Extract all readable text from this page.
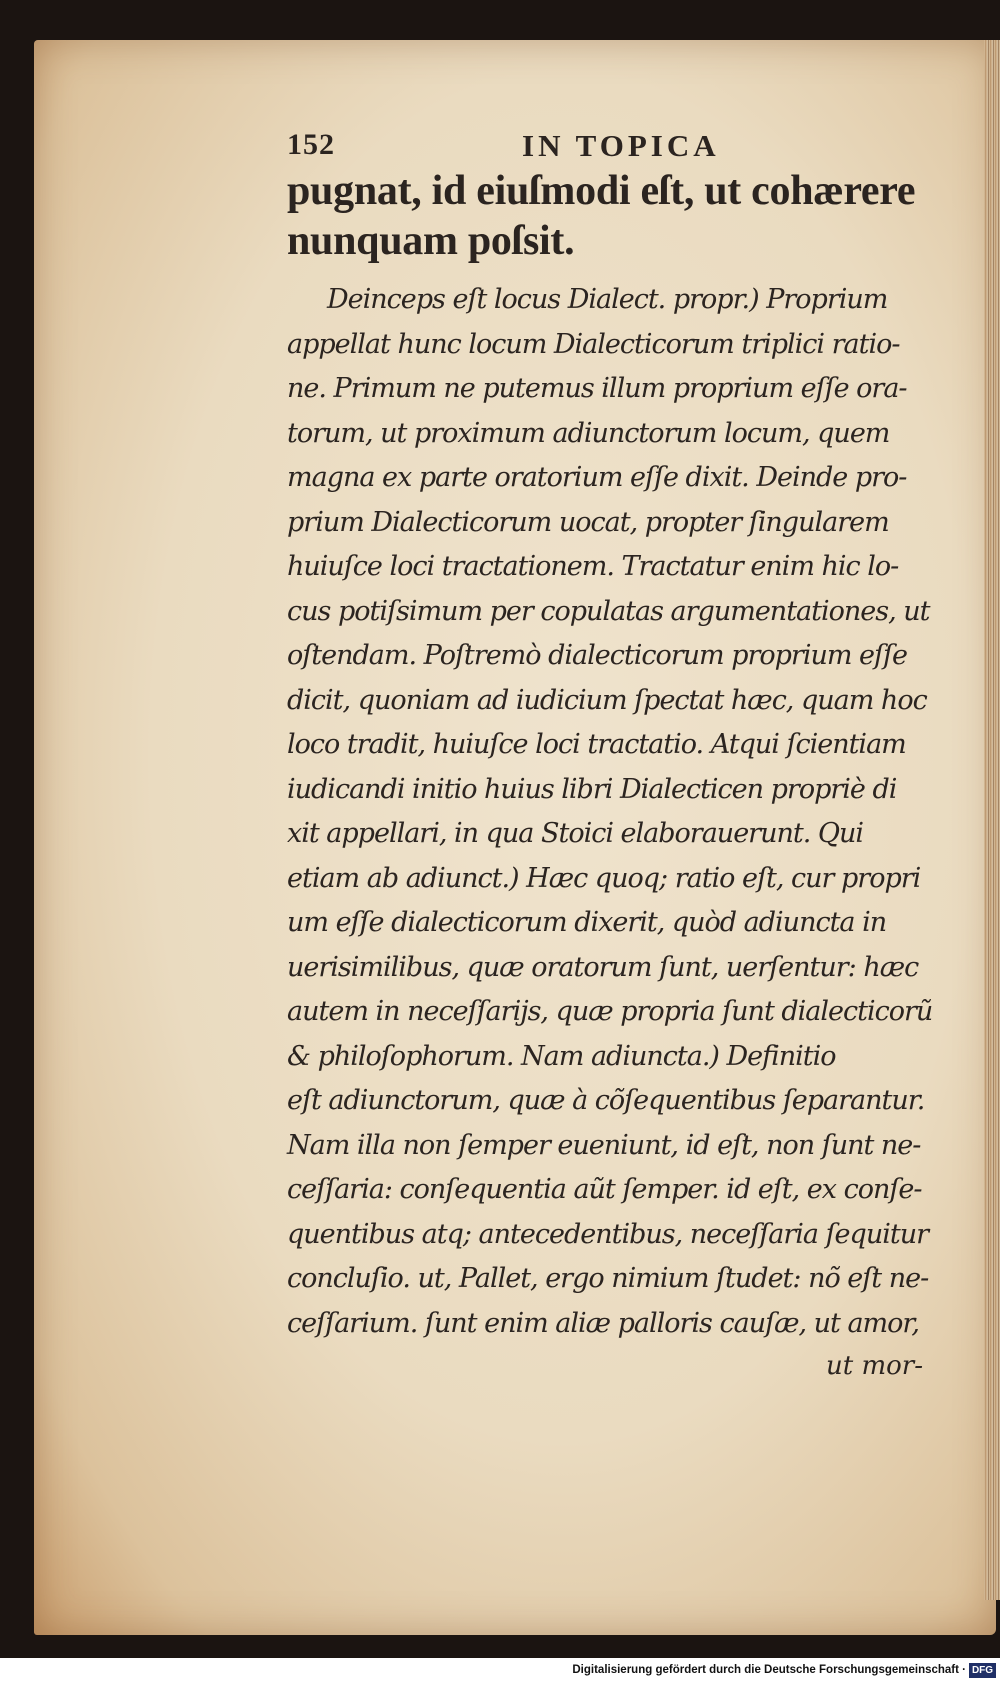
152	IN TOPICA
pugnat, id eiuſmodi eſt, ut cohærere
nunquam poſsit.
Deinceps eſt locus Dialect. propr.) Proprium
appellat hunc locum Dialecticorum triplici ratio-
ne. Primum ne putemus illum proprium eſſe ora-
torum, ut proximum adiunctorum locum, quem
magna ex parte oratorium eſſe dixit. Deinde pro-
prium Dialecticorum uocat, propter ſingularem
huiuſce loci tractationem. Tractatur enim hic lo-
cus potiſsimum per copulatas argumentationes, ut
oſtendam. Poſtremò dialecticorum proprium eſſe
dicit, quoniam ad iudicium ſpectat hæc, quam hoc
loco tradit, huiuſce loci tractatio. Atqui ſcientiam
iudicandi initio huius libri Dialecticen propriè di
xit appellari, in qua Stoici elaborauerunt. Qui
etiam ab adiunct.) Hæc quoq; ratio eſt, cur propri
um eſſe dialecticorum dixerit, quòd adiuncta in
uerisimilibus, quæ oratorum ſunt, uerſentur: hæc
autem in neceſſarijs, quæ propria ſunt dialecticorũ
& philoſophorum. Nam adiuncta.) Definitio
eſt adiunctorum, quæ à cõſequentibus ſeparantur.
Nam illa non ſemper eueniunt, id eſt, non ſunt ne-
ceſſaria: conſequentia aũt ſemper. id eſt, ex conſe-
quentibus atq; antecedentibus, neceſſaria ſequitur
concluſio. ut, Pallet, ergo nimium ſtudet: nõ eſt ne-
ceſſarium. ſunt enim aliæ palloris cauſæ, ut amor,
ut mor-
Digitalisierung gefördert durch die Deutsche Forschungsgemeinschaft · DFG
